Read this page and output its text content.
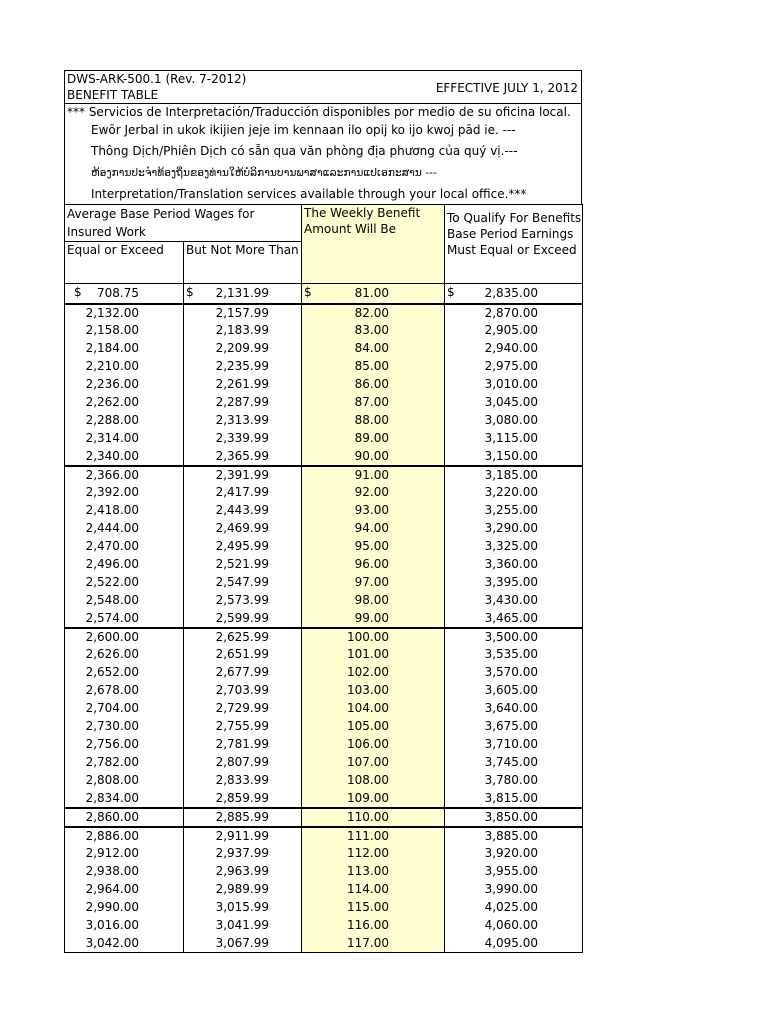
DWS-ARK-500.1 (Rev. 7-2012)
BENEFIT TABLE	EFFECTIVE JULY 1, 2012
*** Servicios de Interpretación/Traducción disponibles por medio de su oficina local.
Ewōr Jerbal in ukok ikijien jeje im kennaan ilo opij ko ijo kwoj pād ie. ---
Thông Dịch/Phiên Dịch có sẵn qua văn phòng địa phương của quý vị.---
ຫ້ອງການປະຈຳທ້ອງຖິ່ນຂອງທ່ານໃຫ້ບໍລິການບານພາສາແລະການແປເອກະສານ ---
Interpretation/Translation services available through your local office.***
Average Base Period Wages for Insured Work		The Weekly Benefit Amount Will Be	To Qualify For Benefits Base Period Earnings Must Equal or Exceed
Equal or Exceed	But Not More Than		

$ 708.75	$ 2,131.99	$ 81.00	$ 2,835.00
2,132.00	2,157.99	82.00	2,870.00
2,158.00	2,183.99	83.00	2,905.00
2,184.00	2,209.99	84.00	2,940.00
2,210.00	2,235.99	85.00	2,975.00
2,236.00	2,261.99	86.00	3,010.00
2,262.00	2,287.99	87.00	3,045.00
2,288.00	2,313.99	88.00	3,080.00
2,314.00	2,339.99	89.00	3,115.00
2,340.00	2,365.99	90.00	3,150.00
2,366.00	2,391.99	91.00	3,185.00
2,392.00	2,417.99	92.00	3,220.00
2,418.00	2,443.99	93.00	3,255.00
2,444.00	2,469.99	94.00	3,290.00
2,470.00	2,495.99	95.00	3,325.00
2,496.00	2,521.99	96.00	3,360.00
2,522.00	2,547.99	97.00	3,395.00
2,548.00	2,573.99	98.00	3,430.00
2,574.00	2,599.99	99.00	3,465.00
2,600.00	2,625.99	100.00	3,500.00
2,626.00	2,651.99	101.00	3,535.00
2,652.00	2,677.99	102.00	3,570.00
2,678.00	2,703.99	103.00	3,605.00
2,704.00	2,729.99	104.00	3,640.00
2,730.00	2,755.99	105.00	3,675.00
2,756.00	2,781.99	106.00	3,710.00
2,782.00	2,807.99	107.00	3,745.00
2,808.00	2,833.99	108.00	3,780.00
2,834.00	2,859.99	109.00	3,815.00
2,860.00	2,885.99	110.00	3,850.00
2,886.00	2,911.99	111.00	3,885.00
2,912.00	2,937.99	112.00	3,920.00
2,938.00	2,963.99	113.00	3,955.00
2,964.00	2,989.99	114.00	3,990.00
2,990.00	3,015.99	115.00	4,025.00
3,016.00	3,041.99	116.00	4,060.00
3,042.00	3,067.99	117.00	4,095.00
